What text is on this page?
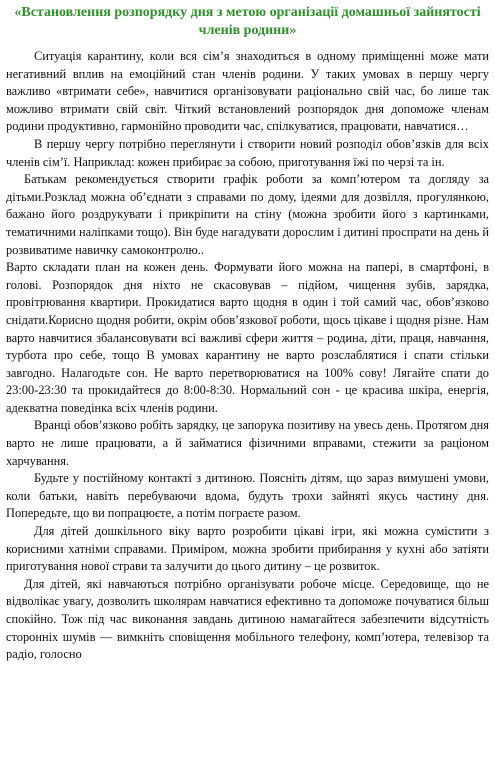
«Встановлення розпорядку дня з метою організації домашньої зайнятості членів родини»

Ситуація карантину, коли вся сім’я знаходиться в одному приміщенні може мати негативний вплив на емоційний стан членів родини. У таких умовах в першу чергу важливо «втримати себе», навчитися організовувати раціонально свій час, бо лише так можливо втримати свій світ. Чіткий встановлений розпорядок дня допоможе членам родини продуктивно, гармонійно проводити час, спілкуватися, працювати, навчатися…

В першу чергу потрібно переглянути і створити новий розподіл обов’язків для всіх членів сім’ї. Наприклад: кожен прибирає за собою, приготування їжі по черзі та ін.

Батькам рекомендується створити графік роботи за комп’ютером та догляду за дітьми.Розклад можна об’єднати з справами по дому, ідеями для дозвілля, прогулянкою, бажано його роздрукувати і прикріпити на стіну (можна зробити його з картинками, тематичними наліпками тощо). Він буде нагадувати дорослим і дитині проспрати на день й розвиватиме навичку самоконтролю..

Варто складати план на кожен день. Формувати його можна на папері, в смартфоні, в голові. Розпорядок дня ніхто не скасовував – підйом, чищення зубів, зарядка, провітрювання квартири. Прокидатися варто щодня в один і той самий час, обов’язково снідати.Корисно щодня робити, окрім обов’язкової роботи, щось цікаве і щодня різне. Нам варто навчитися збалансовувати всі важливі сфери життя – родина, діти, праця, навчання, турбота про себе, тощо В умовах карантину не варто розслаблятися і спати стільки завгодно. Налагодьте сон. Не варто перетворюватися на 100% сову! Лягайте спати до 23:00-23:30 та прокидайтеся до 8:00-8:30. Нормальний сон - це красива шкіра, енергія, адекватна поведінка всіх членів родини.

Вранці обов’язково робіть зарядку, це запорука позитиву на увесь день. Протягом дня варто не лише працювати, а й займатися фізичними вправами, стежити за раціоном харчування.

Будьте у постійному контакті з дитиною. Поясніть дітям, що зараз вимушені умови, коли батьки, навіть перебуваючи вдома, будуть трохи зайняті якусь частину дня. Попередьте, що ви попрацюєте, а потім пограєте разом.

Для дітей дошкільного віку варто розробити цікаві ігри, які можна сумістити з корисними хатніми справами. Приміром, можна зробити прибирання у кухні або затіяти приготування нової страви та залучити до цього дитину – це розвиток.

Для дітей, які навчаються потрібно організувати робоче місце. Середовище, що не відволікає увагу, дозволить школярам навчатися ефективно та допоможе почуватися більш спокійно. Тож під час виконання завдань дитиною намагайтеся забезпечити відсутність сторонніх шумів — вимкніть сповіщення мобільного телефону, комп’ютера, телевізор та радіо, голосно
